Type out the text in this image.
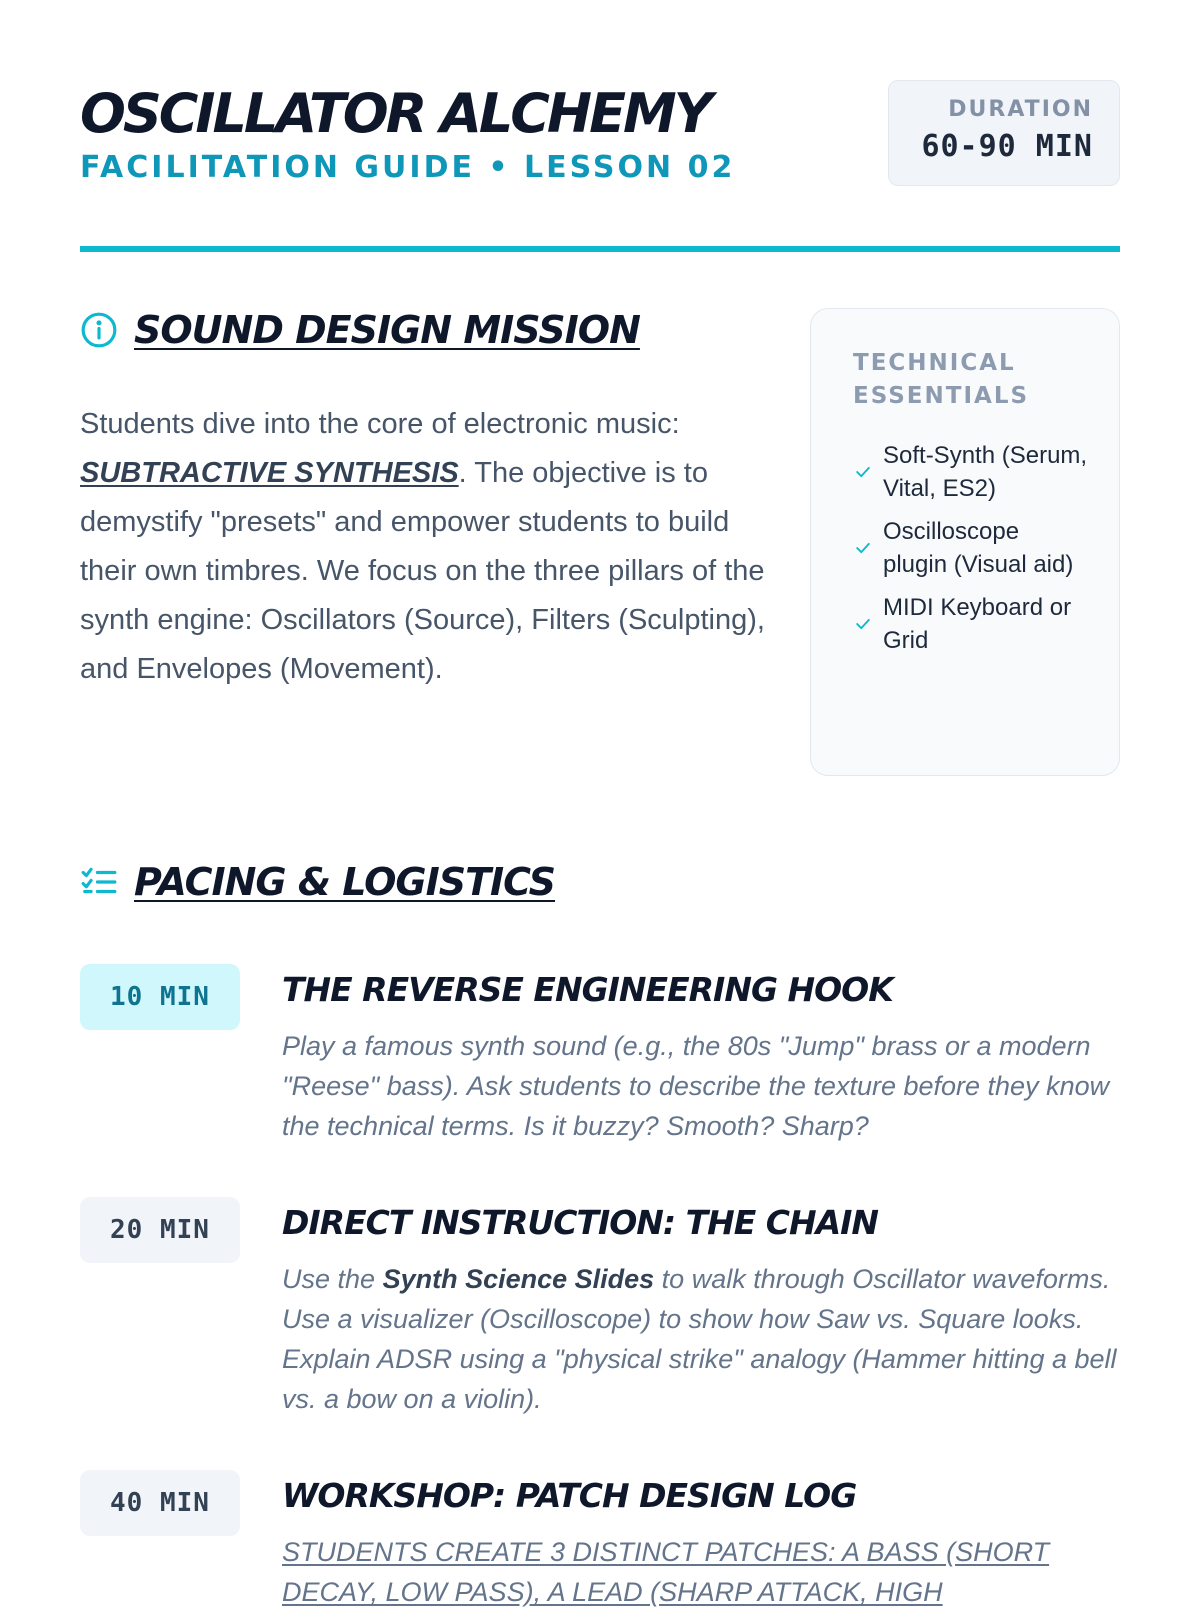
OSCILLATOR ALCHEMY
FACILITATION GUIDE • LESSON 02
DURATION
60-90 MIN
SOUND DESIGN MISSION
Students dive into the core of electronic music: SUBTRACTIVE SYNTHESIS. The objective is to demystify "presets" and empower students to build their own timbres. We focus on the three pillars of the synth engine: Oscillators (Source), Filters (Sculpting), and Envelopes (Movement).
TECHNICAL ESSENTIALS
Soft-Synth (Serum, Vital, ES2)
Oscilloscope plugin (Visual aid)
MIDI Keyboard or Grid
PACING & LOGISTICS
10 MIN	THE REVERSE ENGINEERING HOOK
Play a famous synth sound (e.g., the 80s "Jump" brass or a modern "Reese" bass). Ask students to describe the texture before they know the technical terms. Is it buzzy? Smooth? Sharp?
20 MIN	DIRECT INSTRUCTION: THE CHAIN
Use the Synth Science Slides to walk through Oscillator waveforms. Use a visualizer (Oscilloscope) to show how Saw vs. Square looks. Explain ADSR using a "physical strike" analogy (Hammer hitting a bell vs. a bow on a violin).
40 MIN	WORKSHOP: PATCH DESIGN LOG
STUDENTS CREATE 3 DISTINCT PATCHES: A BASS (SHORT DECAY, LOW PASS), A LEAD (SHARP ATTACK, HIGH
